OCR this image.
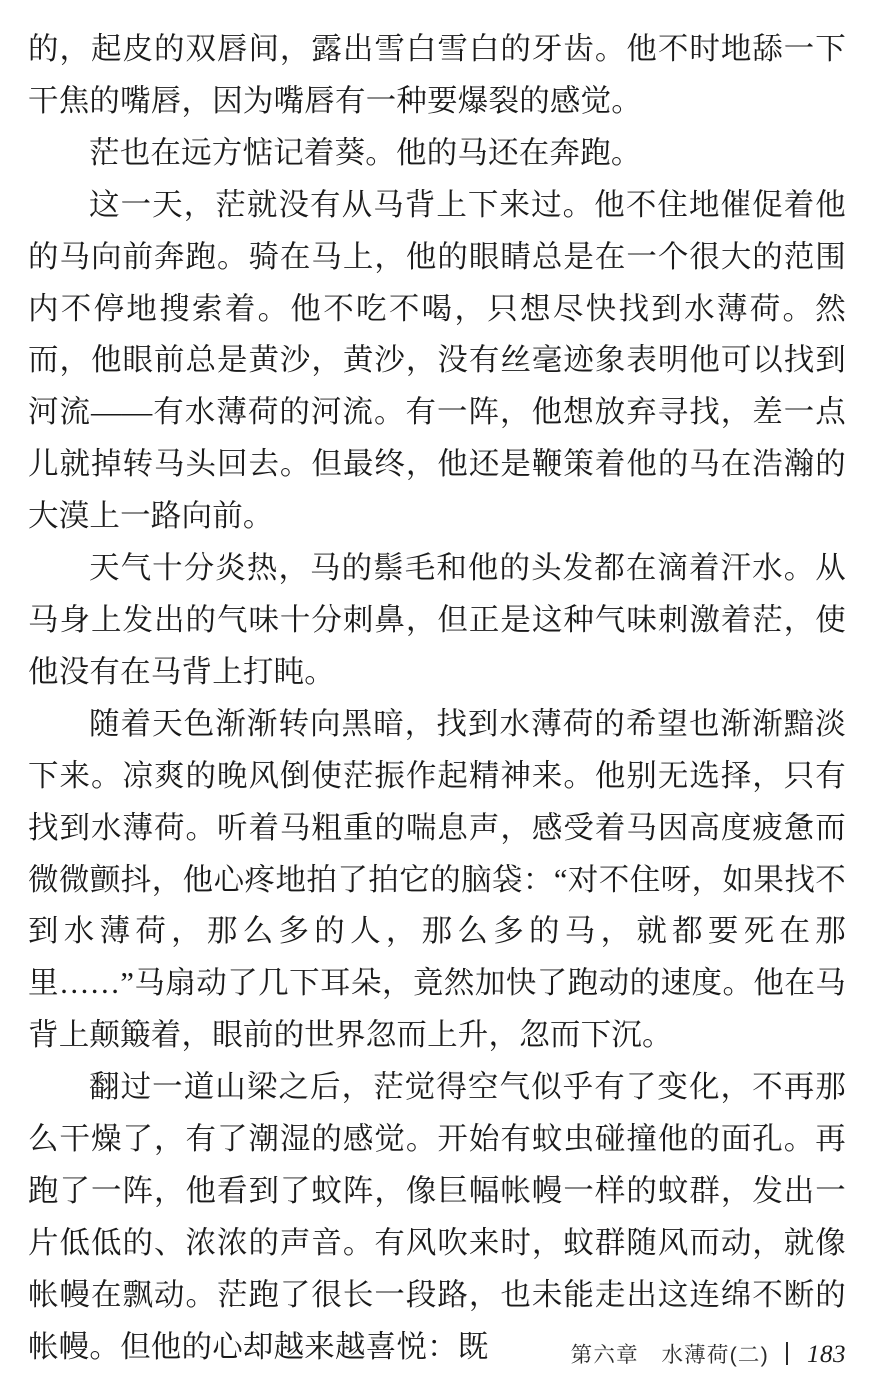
的，起皮的双唇间，露出雪白雪白的牙齿。他不时地舔一下干焦的嘴唇，因为嘴唇有一种要爆裂的感觉。

茫也在远方惦记着葵。他的马还在奔跑。

这一天，茫就没有从马背上下来过。他不住地催促着他的马向前奔跑。骑在马上，他的眼睛总是在一个很大的范围内不停地搜索着。他不吃不喝，只想尽快找到水薄荷。然而，他眼前总是黄沙，黄沙，没有丝毫迹象表明他可以找到河流——有水薄荷的河流。有一阵，他想放弃寻找，差一点儿就掉转马头回去。但最终，他还是鞭策着他的马在浩瀚的大漠上一路向前。

天气十分炎热，马的鬃毛和他的头发都在滴着汗水。从马身上发出的气味十分刺鼻，但正是这种气味刺激着茫，使他没有在马背上打盹。

随着天色渐渐转向黑暗，找到水薄荷的希望也渐渐黯淡下来。凉爽的晚风倒使茫振作起精神来。他别无选择，只有找到水薄荷。听着马粗重的喘息声，感受着马因高度疲惫而微微颤抖，他心疼地拍了拍它的脑袋：“对不住呀，如果找不到水薄荷，那么多的人，那么多的马，就都要死在那里……”马扇动了几下耳朵，竟然加快了跑动的速度。他在马背上颠簸着，眼前的世界忽而上升，忽而下沉。

翻过一道山梁之后，茫觉得空气似乎有了变化，不再那么干燥了，有了潮湿的感觉。开始有蚊虫碰撞他的面孔。再跑了一阵，他看到了蚊阵，像巨幅帐幔一样的蚊群，发出一片低低的、浓浓的声音。有风吹来时，蚊群随风而动，就像帐幔在飘动。茫跑了很长一段路，也未能走出这连绵不断的帐幔。但他的心却越来越喜悦：既	第六章　水薄荷(二) 183
